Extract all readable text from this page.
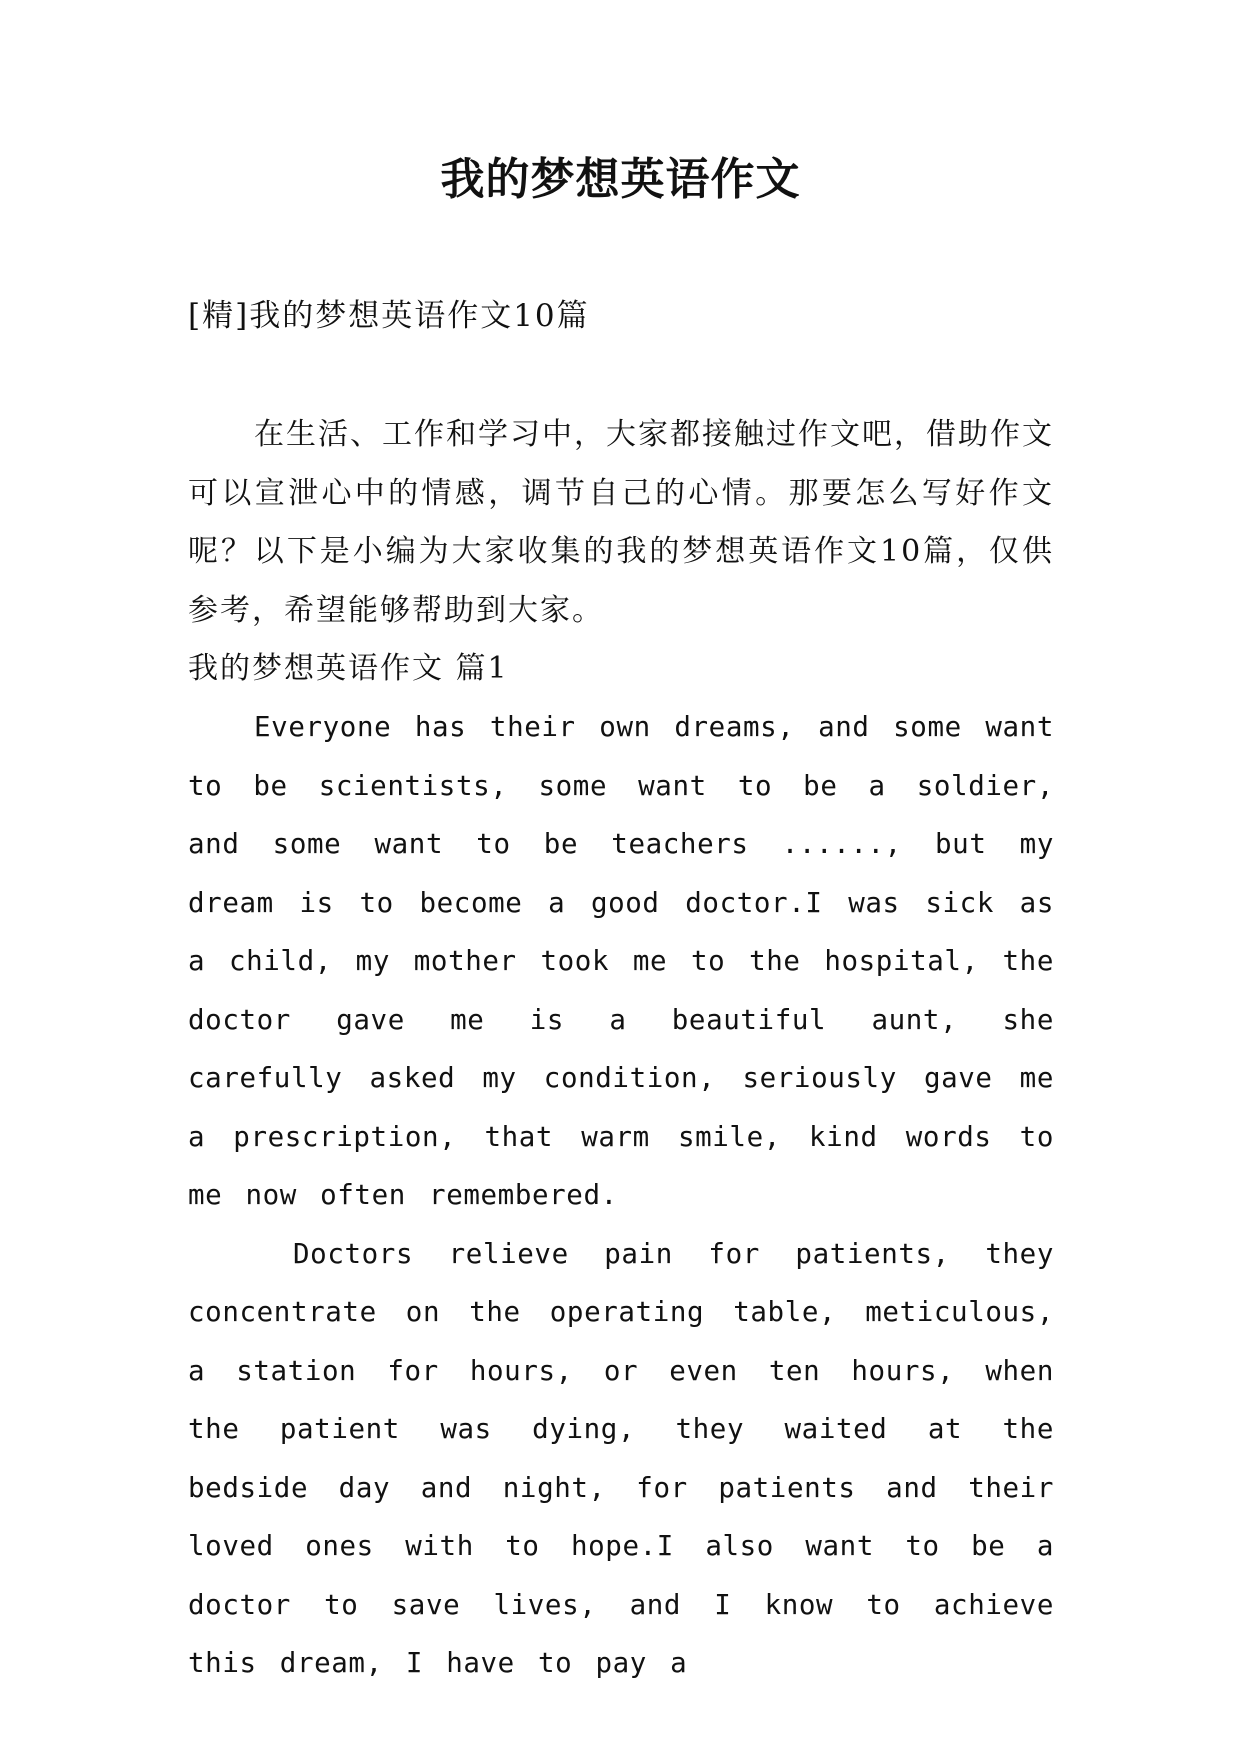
我的梦想英语作文
[精]我的梦想英语作文10篇

在生活、工作和学习中，大家都接触过作文吧，借助作文可以宣泄心中的情感，调节自己的心情。那要怎么写好作文呢？以下是小编为大家收集的我的梦想英语作文10篇，仅供参考，希望能够帮助到大家。

我的梦想英语作文 篇1

Everyone has their own dreams, and some want to be scientists, some want to be a soldier, and some want to be teachers ......, but my dream is to become a good doctor.I was sick as a child, my mother took me to the hospital, the doctor gave me is a beautiful aunt, she carefully asked my condition, seriously gave me a prescription, that warm smile, kind words to me now often remembered.

Doctors relieve pain for patients, they concentrate on the operating table, meticulous, a station for hours, or even ten hours, when the patient was dying, they waited at the bedside day and night, for patients and their loved ones with to hope.I also want to be a doctor to save lives, and I know to achieve this dream, I have to pay a
